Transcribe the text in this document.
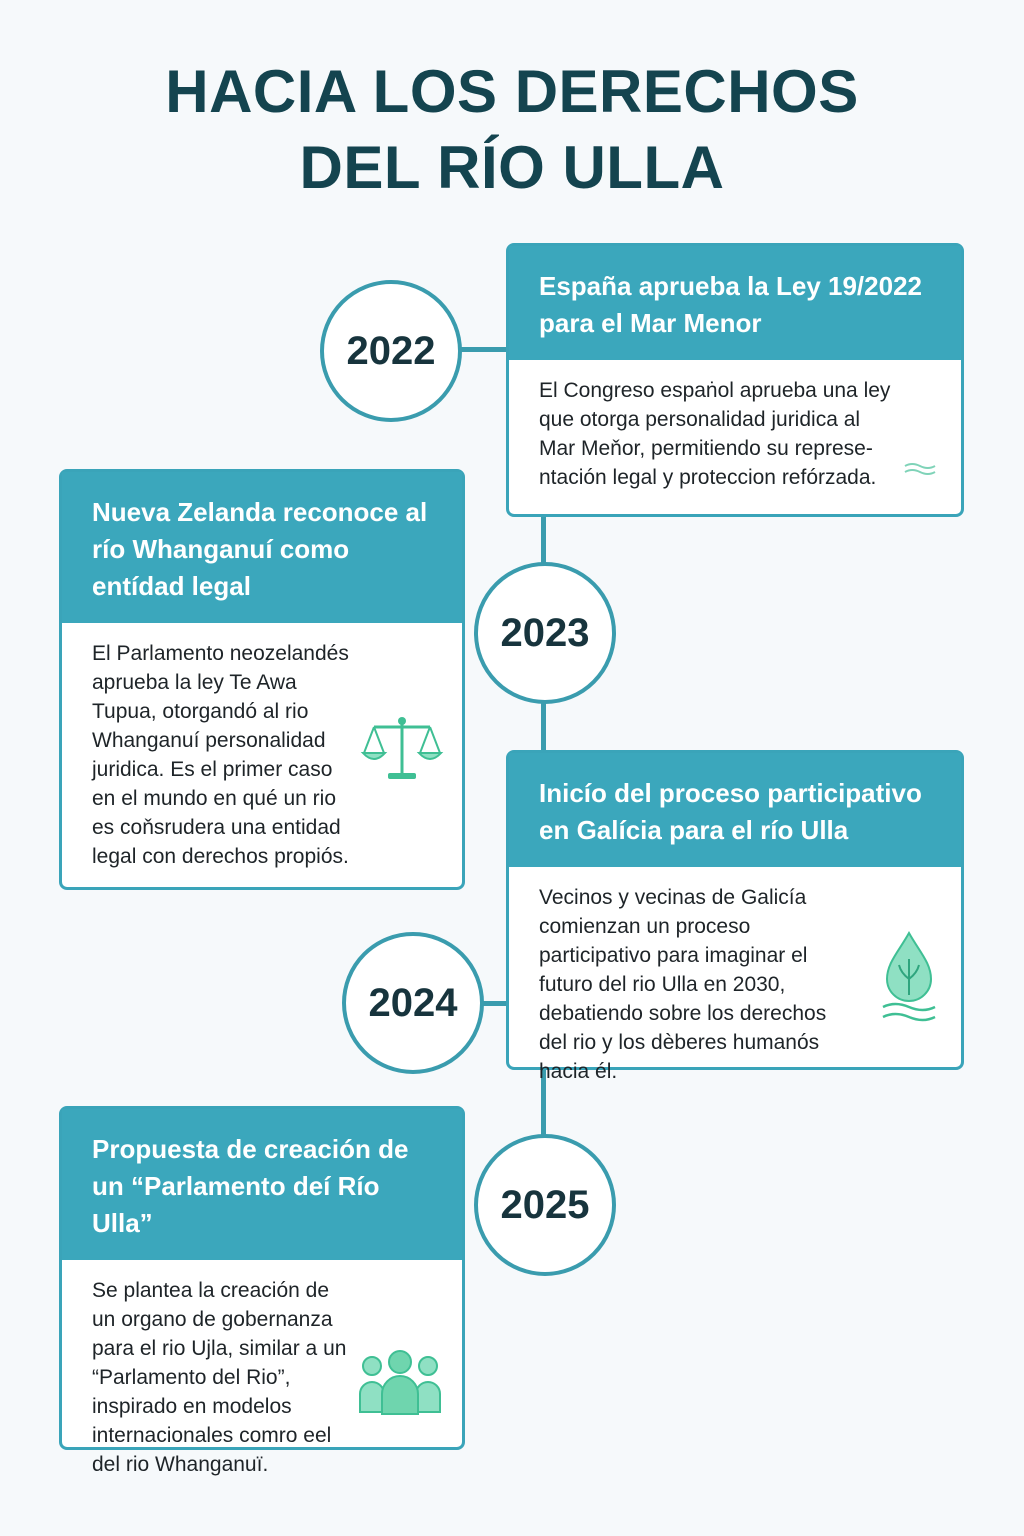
HACIA LOS DERECHOS
DEL RÍO ULLA
2022
2023
2024
2025
España aprueba la Ley 19/2022 para el Mar Menor

El Congreso espaṅol aprueba una ley que otorga personalidad juridica al Mar Meňor, permitiendo su representación legal y proteccion refórzada.

Nueva Zelanda reconoce al río Whanganuí como entídad legal

El Parlamento neozelandés aprueba la ley Te Awa Tupua, otorgandó al rio Whanganuí personalidad juridica. Es el primer caso en el mundo en qué un rio es coňsrudera una entidad legal con derechos propiós.

Inicío del proceso participativo en Galícia para el río Ulla

Vecinos y vecinas de Galicía comienzan un proceso participativo para imaginar el futuro del rio Ulla en 2030, debatiendo sobre los derechos del rio y los dèberes humanós hacia él.

Propuesta de creación de un “Parlamento deí Río Ulla”

Se plantea la creación de un organo de gobernanza para el rio Ujla, similar a un “Parlamento del Rio”, inspirado en modelos internacionales comro eel del rio Whanganuï.
